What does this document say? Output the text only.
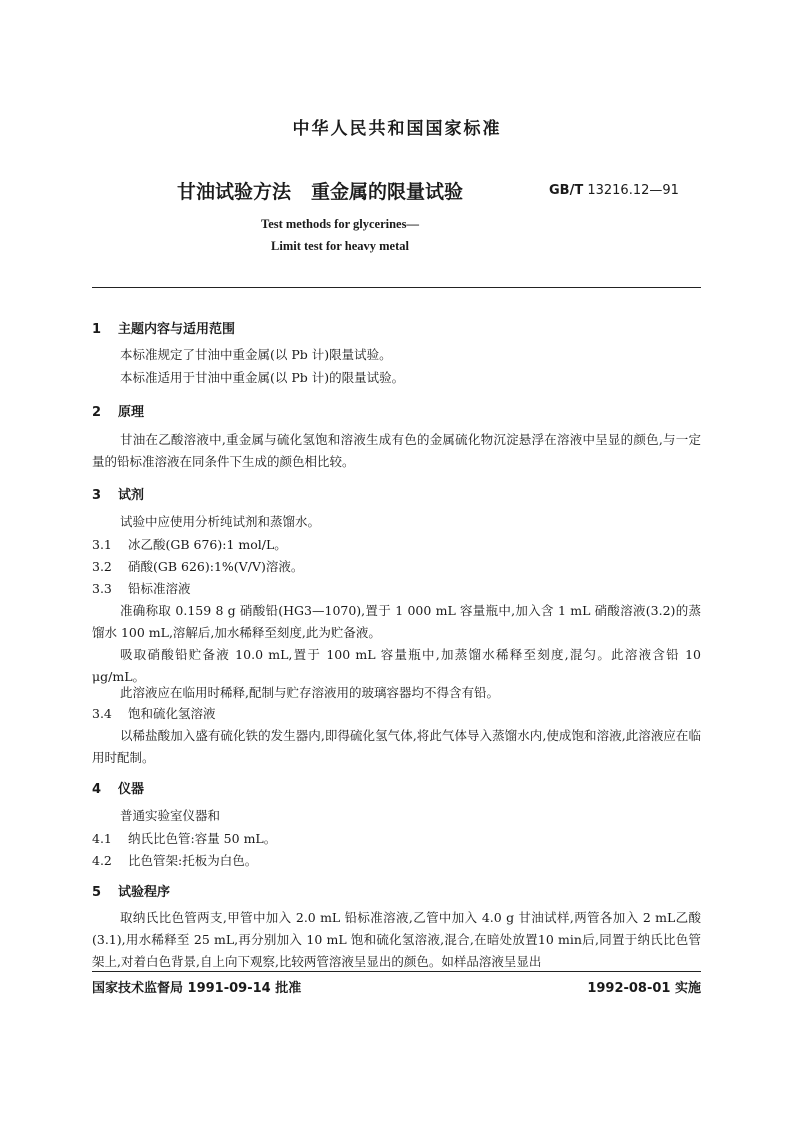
中华人民共和国国家标准
甘油试验方法 重金属的限量试验	GB/T 13216.12—91
Test methods for glycerines—
Limit test for heavy metal
1 主题内容与适用范围
本标准规定了甘油中重金属(以 Pb 计)限量试验。
本标准适用于甘油中重金属(以 Pb 计)的限量试验。
2 原理
甘油在乙酸溶液中,重金属与硫化氢饱和溶液生成有色的金属硫化物沉淀悬浮在溶液中呈显的颜色,与一定量的铅标准溶液在同条件下生成的颜色相比较。
3 试剂
试验中应使用分析纯试剂和蒸馏水。
3.1 冰乙酸(GB 676):1 mol/L。
3.2 硝酸(GB 626):1%(V/V)溶液。
3.3 铅标准溶液
准确称取 0.159 8 g 硝酸铅(HG3—1070),置于 1 000 mL 容量瓶中,加入含 1 mL 硝酸溶液(3.2)的蒸馏水 100 mL,溶解后,加水稀释至刻度,此为贮备液。
吸取硝酸铅贮备液 10.0 mL,置于 100 mL 容量瓶中,加蒸馏水稀释至刻度,混匀。此溶液含铅 10 μg/mL。
此溶液应在临用时稀释,配制与贮存溶液用的玻璃容器均不得含有铅。
3.4 饱和硫化氢溶液
以稀盐酸加入盛有硫化铁的发生器内,即得硫化氢气体,将此气体导入蒸馏水内,使成饱和溶液,此溶液应在临用时配制。
4 仪器
普通实验室仪器和
4.1 纳氏比色管:容量 50 mL。
4.2 比色管架:托板为白色。
5 试验程序
取纳氏比色管两支,甲管中加入 2.0 mL 铅标准溶液,乙管中加入 4.0 g 甘油试样,两管各加入 2 mL乙酸(3.1),用水稀释至 25 mL,再分别加入 10 mL 饱和硫化氢溶液,混合,在暗处放置10 min后,同置于纳氏比色管架上,对着白色背景,自上向下观察,比较两管溶液呈显出的颜色。如样品溶液呈显出
国家技术监督局 1991-09-14 批准	1992-08-01 实施
